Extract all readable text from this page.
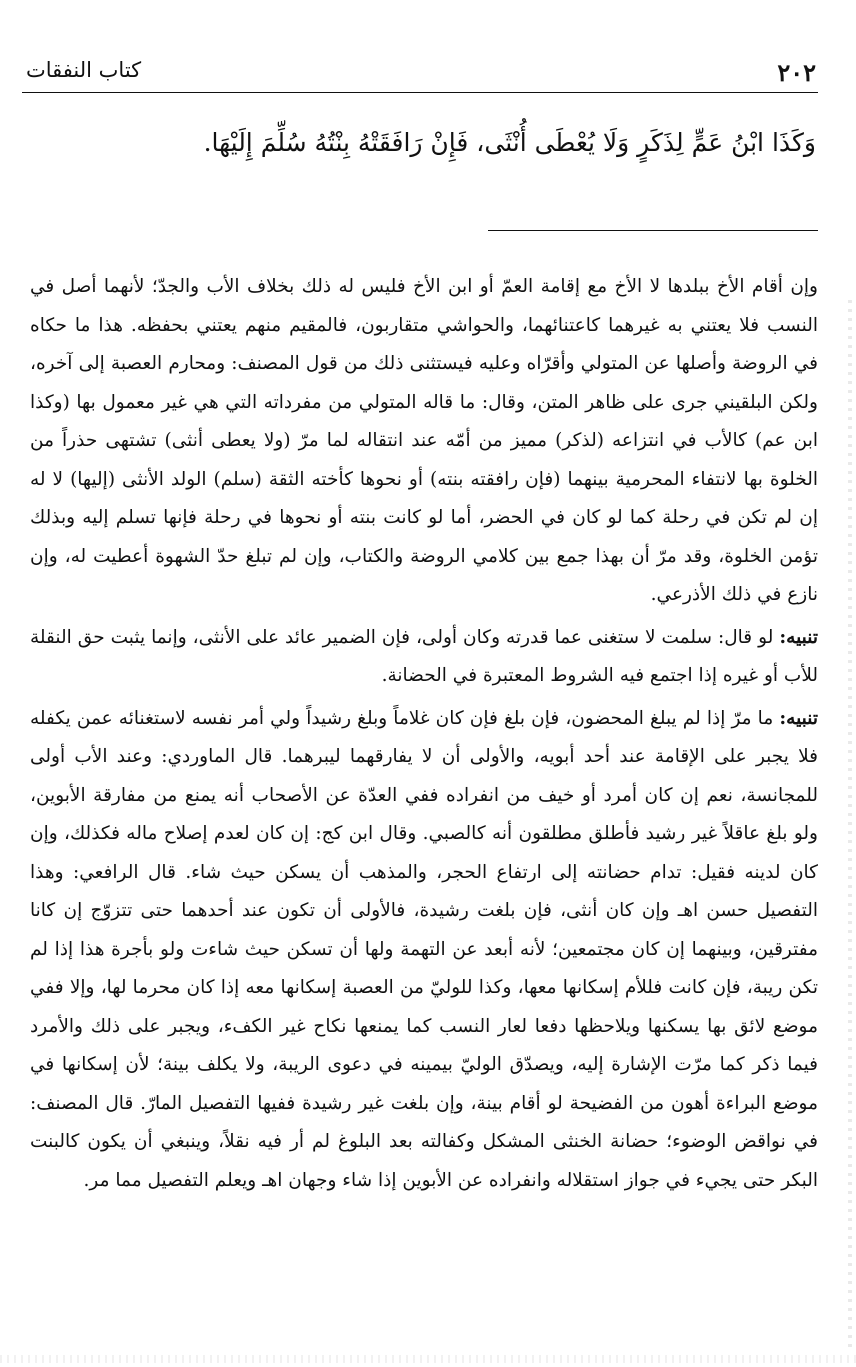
كتاب النفقات	٢٠٢
وَكَذَا ابْنُ عَمٍّ لِذَكَرٍ وَلَا يُعْطَى أُنْثَى، فَإِنْ رَافَقَتْهُ بِنْتُهُ سُلِّمَ إِلَيْهَا.

وإن أقام الأخ ببلدها لا الأخ مع إقامة العمّ أو ابن الأخ فليس له ذلك بخلاف الأب والجدّ؛ لأنهما أصل في النسب فلا يعتني به غيرهما كاعتنائهما، والحواشي متقاربون، فالمقيم منهم يعتني بحفظه. هذا ما حكاه في الروضة وأصلها عن المتولي وأقرّاه وعليه فيستثنى ذلك من قول المصنف: ومحارم العصبة إلى آخره، ولكن البلقيني جرى على ظاهر المتن، وقال: ما قاله المتولي من مفرداته التي هي غير معمول بها (وكذا ابن عم) كالأب في انتزاعه (لذكر) مميز من أمّه عند انتقاله لما مرّ (ولا يعطى أنثى) تشتهى حذراً من الخلوة بها لانتفاء المحرمية بينهما (فإن رافقته بنته) أو نحوها كأخته الثقة (سلم) الولد الأنثى (إليها) لا له إن لم تكن في رحلة كما لو كان في الحضر، أما لو كانت بنته أو نحوها في رحلة فإنها تسلم إليه وبذلك تؤمن الخلوة، وقد مرّ أن بهذا جمع بين كلامي الروضة والكتاب، وإن لم تبلغ حدّ الشهوة أعطيت له، وإن نازع في ذلك الأذرعي.

تنبيه: لو قال: سلمت لا ستغنى عما قدرته وكان أولى، فإن الضمير عائد على الأنثى، وإنما يثبت حق النقلة للأب أو غيره إذا اجتمع فيه الشروط المعتبرة في الحضانة.

تنبيه: ما مرّ إذا لم يبلغ المحضون، فإن بلغ فإن كان غلاماً وبلغ رشيداً ولي أمر نفسه لاستغنائه عمن يكفله فلا يجبر على الإقامة عند أحد أبويه، والأولى أن لا يفارقهما ليبرهما. قال الماوردي: وعند الأب أولى للمجانسة، نعم إن كان أمرد أو خيف من انفراده ففي العدّة عن الأصحاب أنه يمنع من مفارقة الأبوين، ولو بلغ عاقلاً غير رشيد فأطلق مطلقون أنه كالصبي. وقال ابن كج: إن كان لعدم إصلاح ماله فكذلك، وإن كان لدينه فقيل: تدام حضانته إلى ارتفاع الحجر، والمذهب أن يسكن حيث شاء. قال الرافعي: وهذا التفصيل حسن اهـ وإن كان أنثى، فإن بلغت رشيدة، فالأولى أن تكون عند أحدهما حتى تتزوّج إن كانا مفترقين، وبينهما إن كان مجتمعين؛ لأنه أبعد عن التهمة ولها أن تسكن حيث شاءت ولو بأجرة هذا إذا لم تكن ريبة، فإن كانت فللأم إسكانها معها، وكذا للوليّ من العصبة إسكانها معه إذا كان محرما لها، وإلا ففي موضع لائق بها يسكنها ويلاحظها دفعا لعار النسب كما يمنعها نكاح غير الكفء، ويجبر على ذلك والأمرد فيما ذكر كما مرّت الإشارة إليه، ويصدّق الوليّ بيمينه في دعوى الريبة، ولا يكلف بينة؛ لأن إسكانها في موضع البراءة أهون من الفضيحة لو أقام بينة، وإن بلغت غير رشيدة ففيها التفصيل المارّ. قال المصنف: في نواقض الوضوء؛ حضانة الخنثى المشكل وكفالته بعد البلوغ لم أر فيه نقلاً، وينبغي أن يكون كالبنت البكر حتى يجيء في جواز استقلاله وانفراده عن الأبوين إذا شاء وجهان اهـ ويعلم التفصيل مما مر.
